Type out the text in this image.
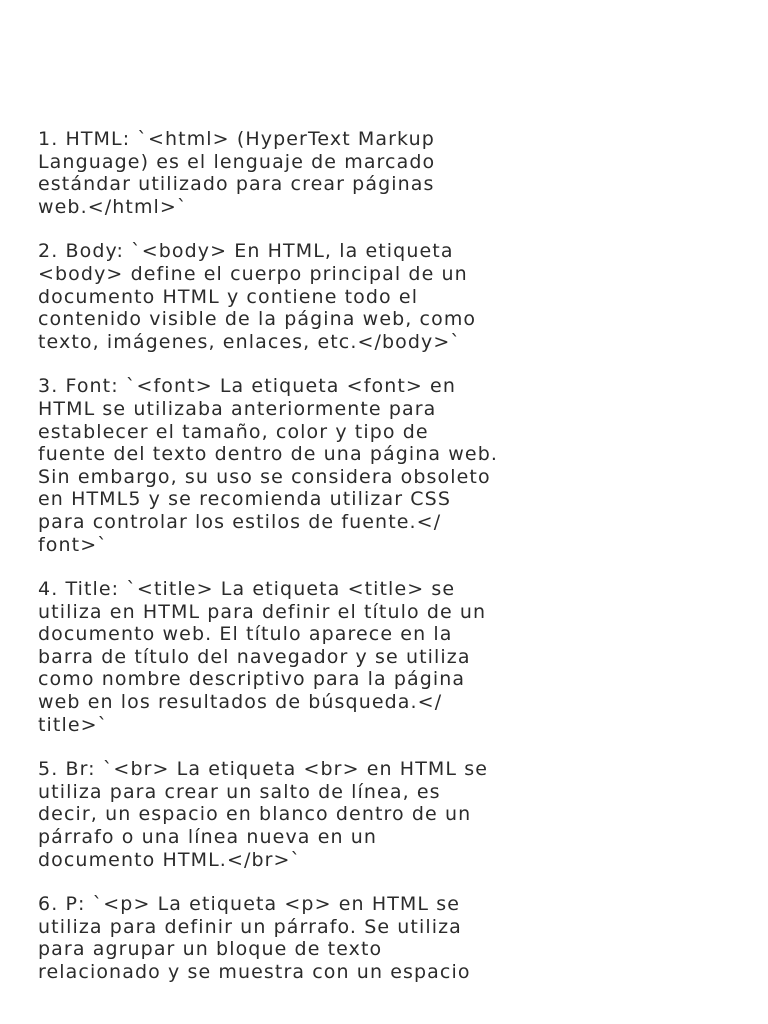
1. HTML: `<html> (HyperText Markup
Language) es el lenguaje de marcado
estándar utilizado para crear páginas
web.</html>`

2. Body: `<body> En HTML, la etiqueta
<body> define el cuerpo principal de un
documento HTML y contiene todo el
contenido visible de la página web, como
texto, imágenes, enlaces, etc.</body>`

3. Font: `<font> La etiqueta <font> en
HTML se utilizaba anteriormente para
establecer el tamaño, color y tipo de
fuente del texto dentro de una página web.
Sin embargo, su uso se considera obsoleto
en HTML5 y se recomienda utilizar CSS
para controlar los estilos de fuente.</
font>`

4. Title: `<title> La etiqueta <title> se
utiliza en HTML para definir el título de un
documento web. El título aparece en la
barra de título del navegador y se utiliza
como nombre descriptivo para la página
web en los resultados de búsqueda.</
title>`

5. Br: `<br> La etiqueta <br> en HTML se
utiliza para crear un salto de línea, es
decir, un espacio en blanco dentro de un
párrafo o una línea nueva en un
documento HTML.</br>`

6. P: `<p> La etiqueta <p> en HTML se
utiliza para definir un párrafo. Se utiliza
para agrupar un bloque de texto
relacionado y se muestra con un espacio
